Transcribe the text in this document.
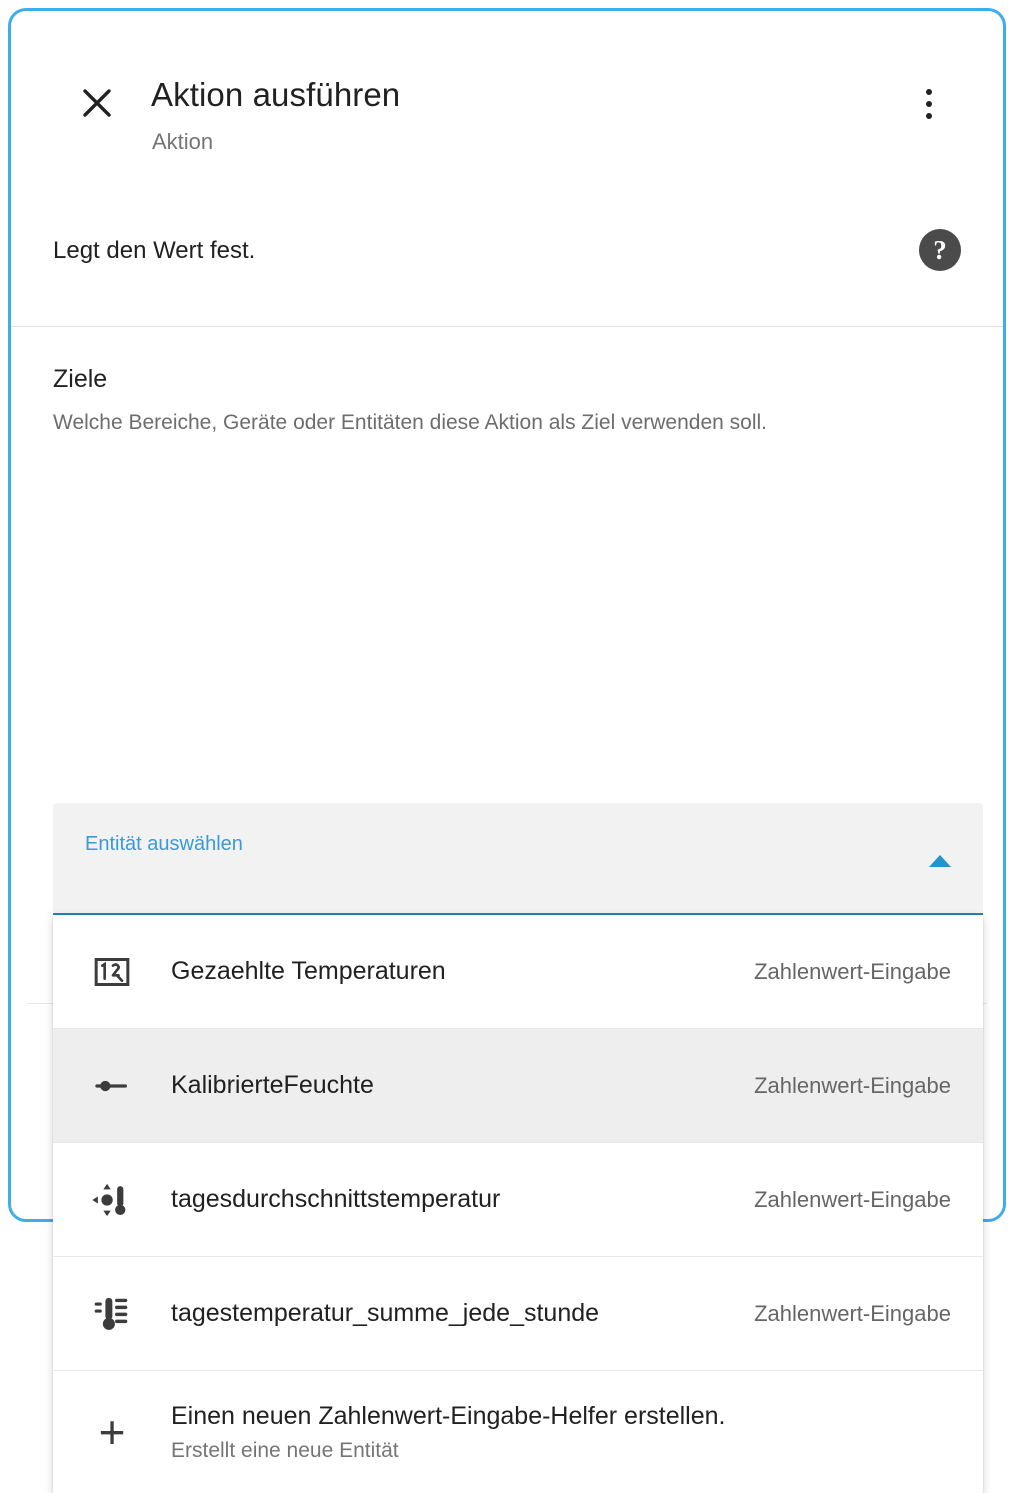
Aktion ausführen
Aktion
Legt den Wert fest.	?
Ziele
Welche Bereiche, Geräte oder Entitäten diese Aktion als Ziel verwenden soll.
Entität auswählen
Gezaehlte Temperaturen	Zahlenwert-Eingabe
KalibrierteFeuchte	Zahlenwert-Eingabe
tagesdurchschnittstemperatur	Zahlenwert-Eingabe
tagestemperatur_summe_jede_stunde	Zahlenwert-Eingabe
+ Einen neuen Zahlenwert-Eingabe-Helfer erstellen.
Erstellt eine neue Entität
